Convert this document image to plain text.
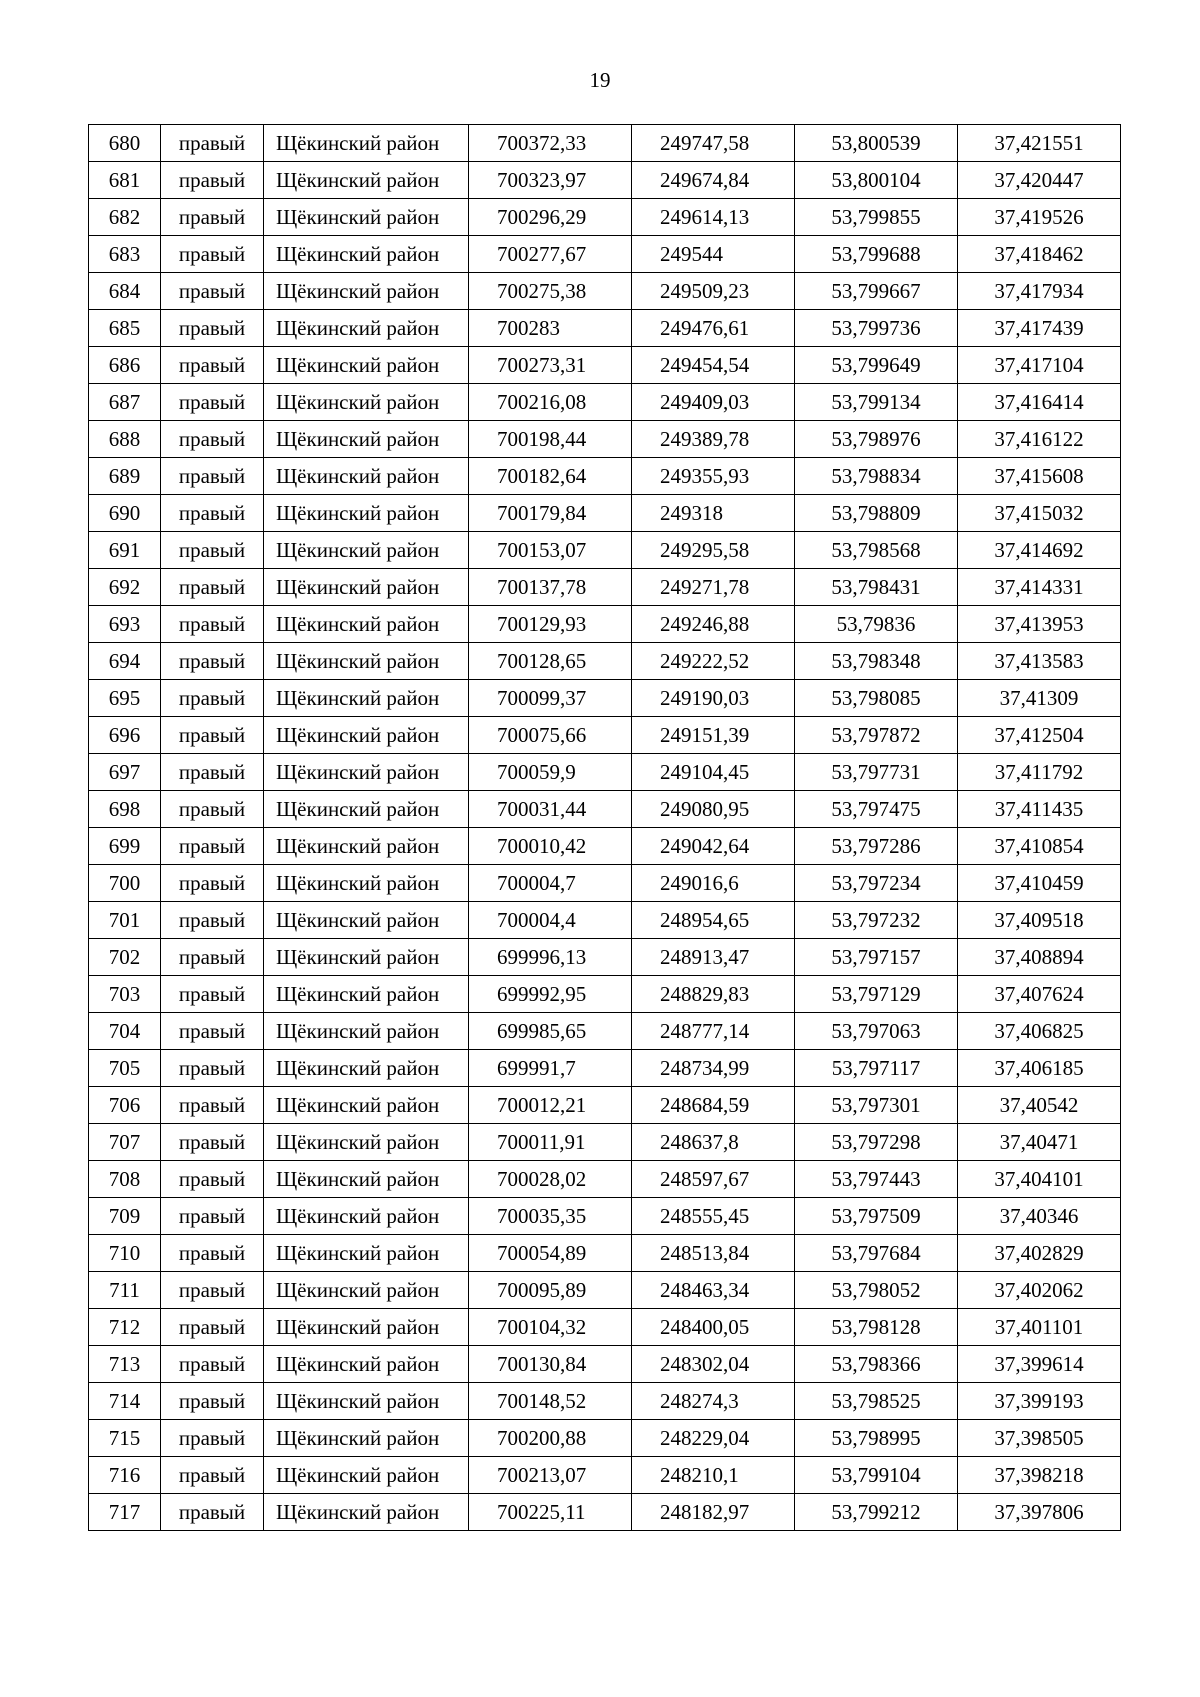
19
680	правый	Щёкинский район	700372,33	249747,58	53,800539	37,421551
681	правый	Щёкинский район	700323,97	249674,84	53,800104	37,420447
682	правый	Щёкинский район	700296,29	249614,13	53,799855	37,419526
683	правый	Щёкинский район	700277,67	249544	53,799688	37,418462
684	правый	Щёкинский район	700275,38	249509,23	53,799667	37,417934
685	правый	Щёкинский район	700283	249476,61	53,799736	37,417439
686	правый	Щёкинский район	700273,31	249454,54	53,799649	37,417104
687	правый	Щёкинский район	700216,08	249409,03	53,799134	37,416414
688	правый	Щёкинский район	700198,44	249389,78	53,798976	37,416122
689	правый	Щёкинский район	700182,64	249355,93	53,798834	37,415608
690	правый	Щёкинский район	700179,84	249318	53,798809	37,415032
691	правый	Щёкинский район	700153,07	249295,58	53,798568	37,414692
692	правый	Щёкинский район	700137,78	249271,78	53,798431	37,414331
693	правый	Щёкинский район	700129,93	249246,88	53,79836	37,413953
694	правый	Щёкинский район	700128,65	249222,52	53,798348	37,413583
695	правый	Щёкинский район	700099,37	249190,03	53,798085	37,41309
696	правый	Щёкинский район	700075,66	249151,39	53,797872	37,412504
697	правый	Щёкинский район	700059,9	249104,45	53,797731	37,411792
698	правый	Щёкинский район	700031,44	249080,95	53,797475	37,411435
699	правый	Щёкинский район	700010,42	249042,64	53,797286	37,410854
700	правый	Щёкинский район	700004,7	249016,6	53,797234	37,410459
701	правый	Щёкинский район	700004,4	248954,65	53,797232	37,409518
702	правый	Щёкинский район	699996,13	248913,47	53,797157	37,408894
703	правый	Щёкинский район	699992,95	248829,83	53,797129	37,407624
704	правый	Щёкинский район	699985,65	248777,14	53,797063	37,406825
705	правый	Щёкинский район	699991,7	248734,99	53,797117	37,406185
706	правый	Щёкинский район	700012,21	248684,59	53,797301	37,40542
707	правый	Щёкинский район	700011,91	248637,8	53,797298	37,40471
708	правый	Щёкинский район	700028,02	248597,67	53,797443	37,404101
709	правый	Щёкинский район	700035,35	248555,45	53,797509	37,40346
710	правый	Щёкинский район	700054,89	248513,84	53,797684	37,402829
711	правый	Щёкинский район	700095,89	248463,34	53,798052	37,402062
712	правый	Щёкинский район	700104,32	248400,05	53,798128	37,401101
713	правый	Щёкинский район	700130,84	248302,04	53,798366	37,399614
714	правый	Щёкинский район	700148,52	248274,3	53,798525	37,399193
715	правый	Щёкинский район	700200,88	248229,04	53,798995	37,398505
716	правый	Щёкинский район	700213,07	248210,1	53,799104	37,398218
717	правый	Щёкинский район	700225,11	248182,97	53,799212	37,397806
